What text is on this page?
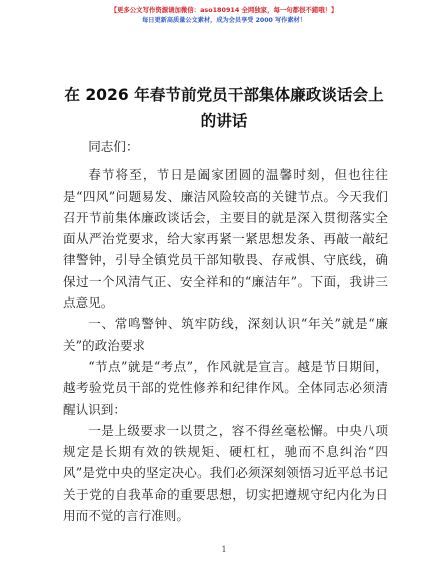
【更多公文写作资源请加微信：aso180914 全网独家，每一句都很不錯哦！】
每日更新高质量公文素材，成为会员享受 2000 写作素材！
在 2026 年春节前党员干部集体廉政谈话会上的讲话

同志们：

春节将至，节日是阖家团圆的温馨时刻，但也往往是“四风”问题易发、廉洁风险较高的关键节点。今天我们召开节前集体廉政谈话会，主要目的就是深入贯彻落实全面从严治党要求，给大家再紧一紧思想发条、再敲一敲纪律警钟，引导全镇党员干部知敬畏、存戒惧、守底线，确保过一个风清气正、安全祥和的“廉洁年”。下面，我讲三点意见。

一、常鸣警钟、筑牢防线，深刻认识“年关”就是“廉关”的政治要求

“节点”就是“考点”，作风就是宣言。越是节日期间，越考验党员干部的党性修养和纪律作风。全体同志必须清醒认识到：

一是上级要求一以贯之，容不得丝毫松懈。中央八项规定是长期有效的铁规矩、硬杠杠，驰而不息纠治“四风”是党中央的坚定决心。我们必须深刻领悟习近平总书记关于党的自我革命的重要思想，切实把遵规守纪内化为日用而不觉的言行准则。

1
